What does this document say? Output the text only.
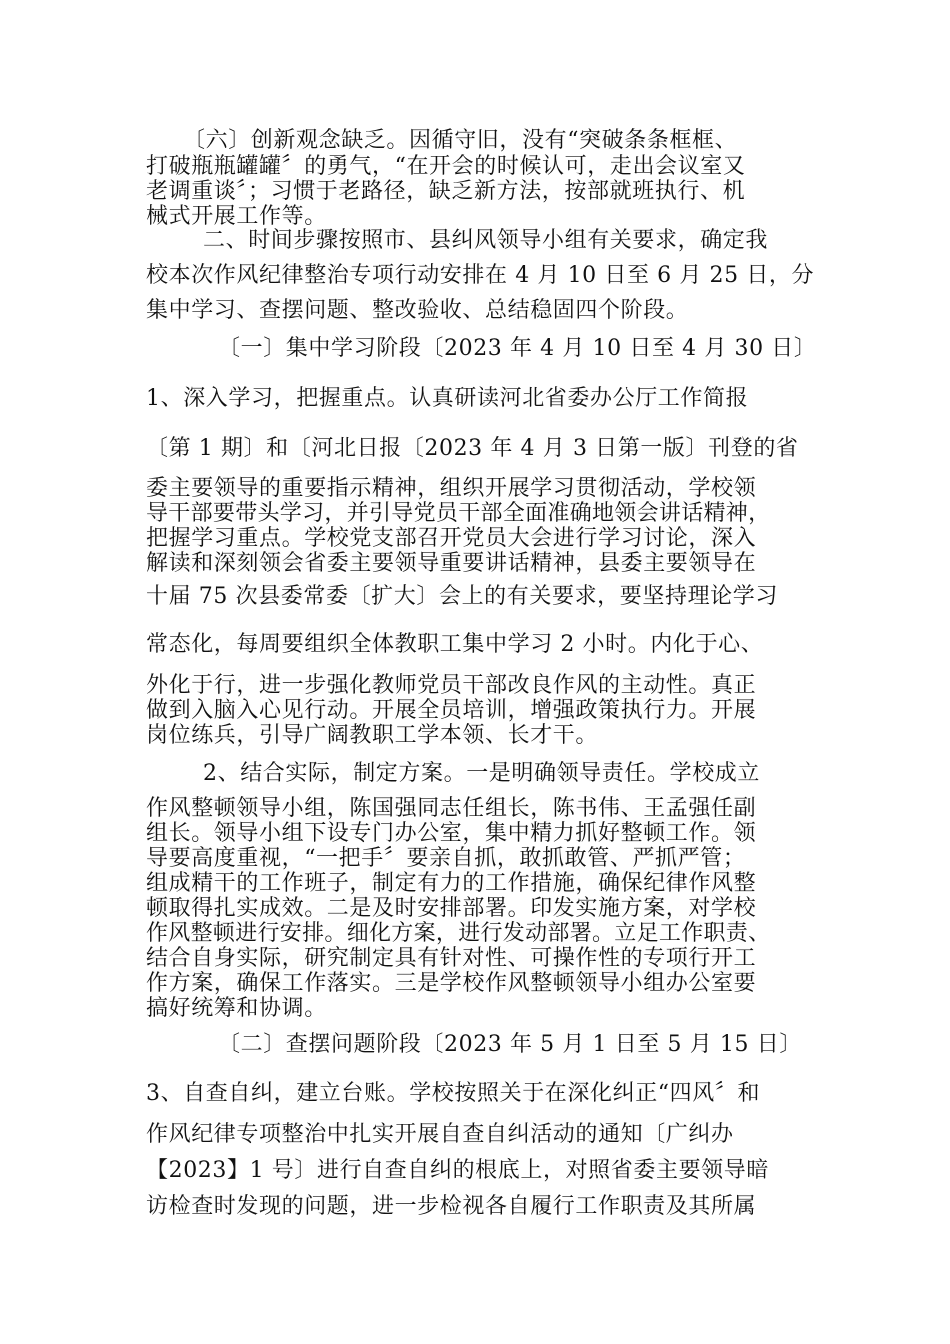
〔六〕创新观念缺乏。因循守旧，没有“突破条条框框、
打破瓶瓶罐罐〞的勇气，“在开会的时候认可，走出会议室又
老调重谈〞；习惯于老路径，缺乏新方法，按部就班执行、机
械式开展工作等。
二、时间步骤按照市、县纠风领导小组有关要求，确定我
校本次作风纪律整治专项行动安排在 4 月 10 日至 6 月 25 日，分
集中学习、查摆问题、整改验收、总结稳固四个阶段。
〔一〕集中学习阶段〔2023 年 4 月 10 日至 4 月 30 日〕
1、深入学习，把握重点。认真研读河北省委办公厅工作简报
〔第 1 期〕和〔河北日报〔2023 年 4 月 3 日第一版〕刊登的省
委主要领导的重要指示精神，组织开展学习贯彻活动，学校领
导干部要带头学习，并引导党员干部全面准确地领会讲话精神，
把握学习重点。学校党支部召开党员大会进行学习讨论，深入
解读和深刻领会省委主要领导重要讲话精神，县委主要领导在
十届 75 次县委常委〔扩大〕会上的有关要求，要坚持理论学习
常态化，每周要组织全体教职工集中学习 2 小时。内化于心、
外化于行，进一步强化教师党员干部改良作风的主动性。真正
做到入脑入心见行动。开展全员培训，增强政策执行力。开展
岗位练兵，引导广阔教职工学本领、长才干。
2、结合实际，制定方案。一是明确领导责任。学校成立
作风整顿领导小组，陈国强同志任组长，陈书伟、王孟强任副
组长。领导小组下设专门办公室，集中精力抓好整顿工作。领
导要高度重视，“一把手〞要亲自抓，敢抓敢管、严抓严管；
组成精干的工作班子，制定有力的工作措施，确保纪律作风整
顿取得扎实成效。二是及时安排部署。印发实施方案，对学校
作风整顿进行安排。细化方案，进行发动部署。立足工作职责、
结合自身实际，研究制定具有针对性、可操作性的专项行开工
作方案，确保工作落实。三是学校作风整顿领导小组办公室要
搞好统筹和协调。
〔二〕查摆问题阶段〔2023 年 5 月 1 日至 5 月 15 日〕
3、自查自纠，建立台账。学校按照关于在深化纠正“四风〞和
作风纪律专项整治中扎实开展自查自纠活动的通知〔广纠办
【2023】1 号〕进行自查自纠的根底上，对照省委主要领导暗
访检查时发现的问题，进一步检视各自履行工作职责及其所属
